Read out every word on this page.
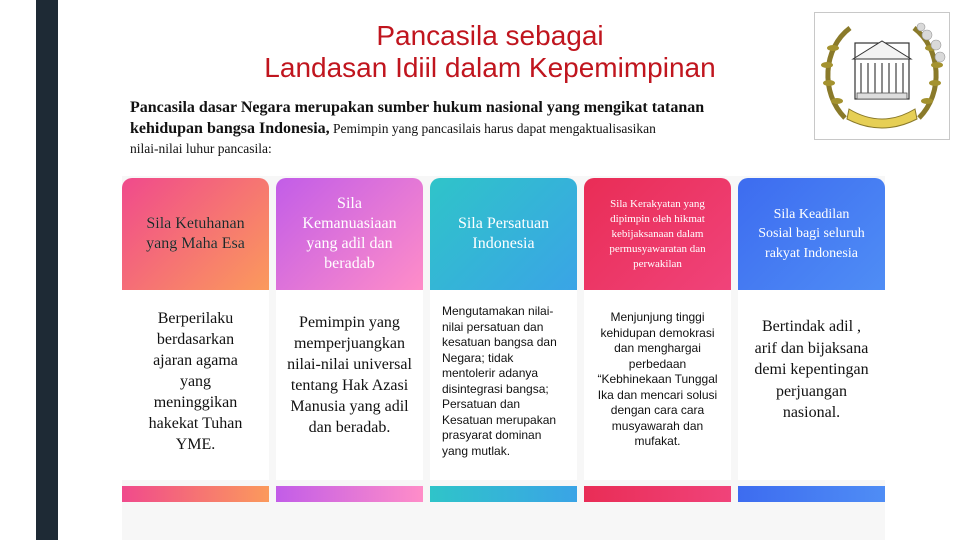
Pancasila sebagai
Landasan Idiil dalam Kepemimpinan
Pancasila dasar Negara merupakan sumber hukum nasional yang mengikat tatanan
kehidupan bangsa Indonesia, Pemimpin yang pancasilais harus dapat mengaktualisasikan
nilai-nilai luhur pancasila:
Sila Ketuhanan yang Maha Esa
Berperilaku berdasarkan ajaran agama yang meninggikan hakekat Tuhan YME.
Sila Kemanuasiaan yang adil dan beradab
Pemimpin yang memperjuangkan nilai-nilai universal tentang Hak Azasi Manusia yang adil dan beradab.
Sila Persatuan Indonesia
Mengutamakan nilai-nilai persatuan dan kesatuan bangsa dan Negara; tidak mentolerir adanya disintegrasi bangsa; Persatuan dan Kesatuan merupakan prasyarat dominan yang mutlak.
Sila Kerakyatan yang dipimpin oleh hikmat kebijaksanaan dalam permusyawaratan dan perwakilan
Menjunjung tinggi kehidupan demokrasi dan menghargai perbedaan “Kebhinekaan Tunggal Ika dan mencari solusi dengan cara cara musyawarah dan mufakat.
Sila Keadilan Sosial bagi seluruh rakyat Indonesia
Bertindak adil , arif dan bijaksana demi kepentingan perjuangan nasional.
